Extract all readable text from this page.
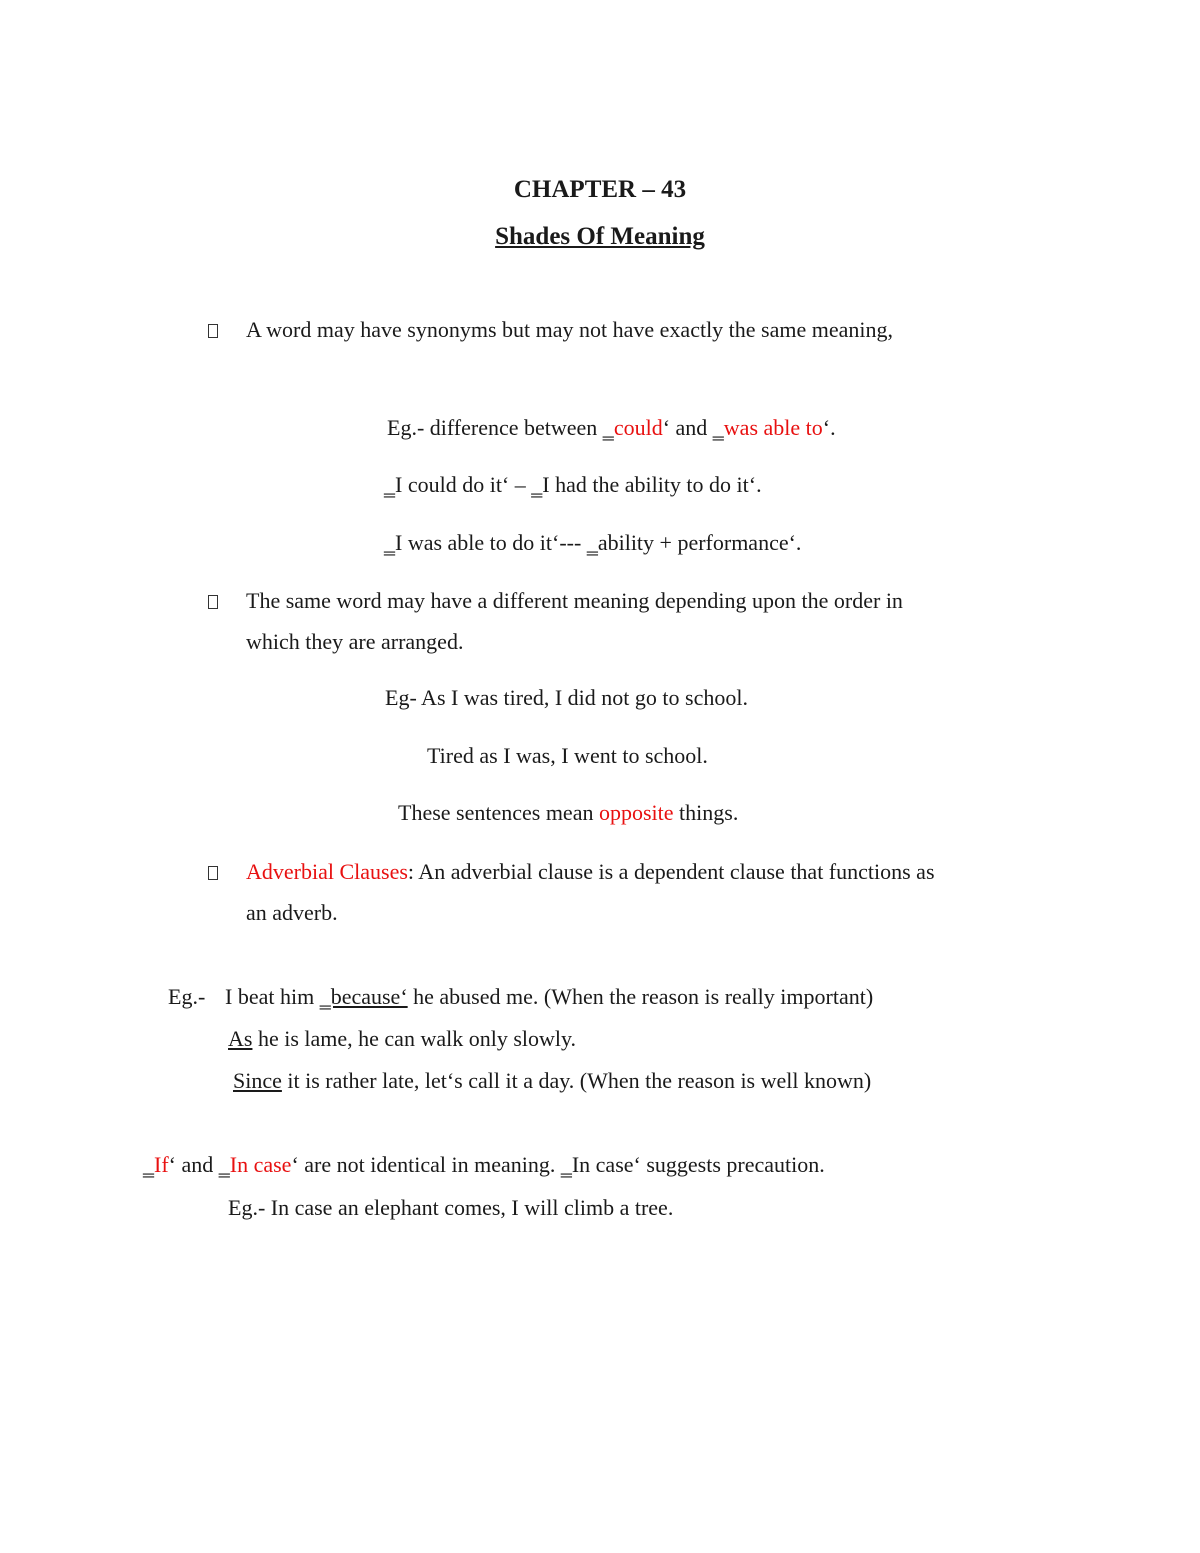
CHAPTER – 43
Shades Of Meaning
A word may have synonyms but may not have exactly the same meaning,
Eg.- difference between ‗could‘ and ‗was able to‘.
‗I could do it‘ – ‗I had the ability to do it‘.
‗I was able to do it‘--- ‗ability + performance‘.
The same word may have a different meaning depending upon the order in
which they are arranged.
Eg- As I was tired, I did not go to school.
Tired as I was, I went to school.
These sentences mean opposite things.
Adverbial Clauses: An adverbial clause is a dependent clause that functions as
an adverb.
Eg.- I beat him ‗because‘ he abused me. (When the reason is really important)
As he is lame, he can walk only slowly.
Since it is rather late, let‘s call it a day. (When the reason is well known)
‗If‘ and ‗In case‘ are not identical in meaning. ‗In case‘ suggests precaution.
Eg.- In case an elephant comes, I will climb a tree.
